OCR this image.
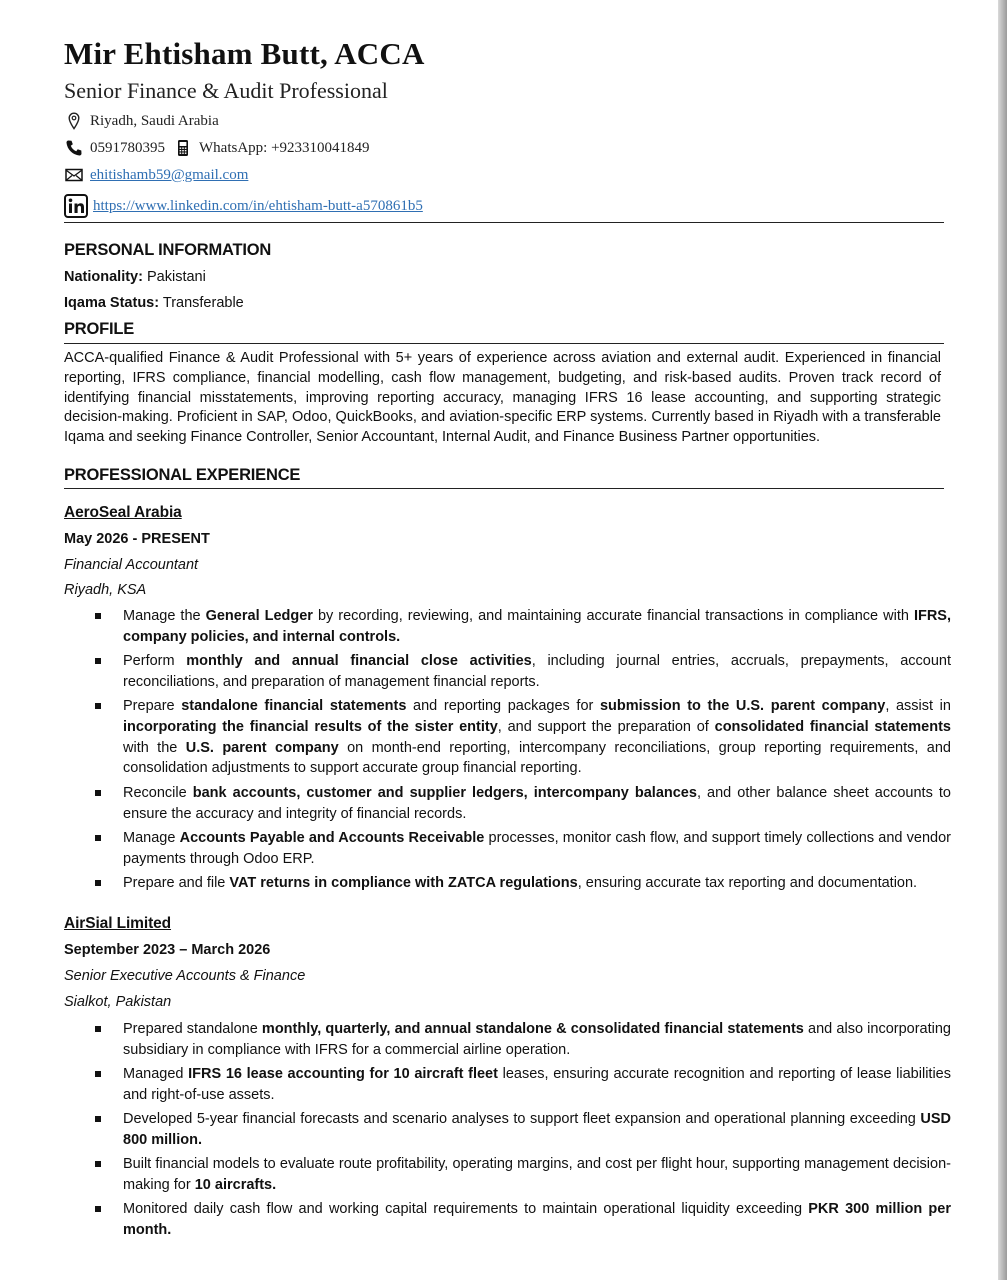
Mir Ehtisham Butt, ACCA
Senior Finance & Audit Professional
Riyadh, Saudi Arabia
0591780395 WhatsApp: +923310041849
ehitishamb59@gmail.com
https://www.linkedin.com/in/ehtisham-butt-a570861b5
PERSONAL INFORMATION
Nationality: Pakistani
Iqama Status: Transferable
PROFILE
ACCA-qualified Finance & Audit Professional with 5+ years of experience across aviation and external audit. Experienced in financial reporting, IFRS compliance, financial modelling, cash flow management, budgeting, and risk-based audits. Proven track record of identifying financial misstatements, improving reporting accuracy, managing IFRS 16 lease accounting, and supporting strategic decision-making. Proficient in SAP, Odoo, QuickBooks, and aviation-specific ERP systems. Currently based in Riyadh with a transferable Iqama and seeking Finance Controller, Senior Accountant, Internal Audit, and Finance Business Partner opportunities.
PROFESSIONAL EXPERIENCE
AeroSeal Arabia
May 2026 - PRESENT
Financial Accountant
Riyadh, KSA
Manage the General Ledger by recording, reviewing, and maintaining accurate financial transactions in compliance with IFRS, company policies, and internal controls.
Perform monthly and annual financial close activities, including journal entries, accruals, prepayments, account reconciliations, and preparation of management financial reports.
Prepare standalone financial statements and reporting packages for submission to the U.S. parent company, assist in incorporating the financial results of the sister entity, and support the preparation of consolidated financial statements with the U.S. parent company on month-end reporting, intercompany reconciliations, group reporting requirements, and consolidation adjustments to support accurate group financial reporting.
Reconcile bank accounts, customer and supplier ledgers, intercompany balances, and other balance sheet accounts to ensure the accuracy and integrity of financial records.
Manage Accounts Payable and Accounts Receivable processes, monitor cash flow, and support timely collections and vendor payments through Odoo ERP.
Prepare and file VAT returns in compliance with ZATCA regulations, ensuring accurate tax reporting and documentation.
AirSial Limited
September 2023 – March 2026
Senior Executive Accounts & Finance
Sialkot, Pakistan
Prepared standalone monthly, quarterly, and annual standalone & consolidated financial statements and also incorporating subsidiary in compliance with IFRS for a commercial airline operation.
Managed IFRS 16 lease accounting for 10 aircraft fleet leases, ensuring accurate recognition and reporting of lease liabilities and right-of-use assets.
Developed 5-year financial forecasts and scenario analyses to support fleet expansion and operational planning exceeding USD 800 million.
Built financial models to evaluate route profitability, operating margins, and cost per flight hour, supporting management decision-making for 10 aircrafts.
Monitored daily cash flow and working capital requirements to maintain operational liquidity exceeding PKR 300 million per month.
